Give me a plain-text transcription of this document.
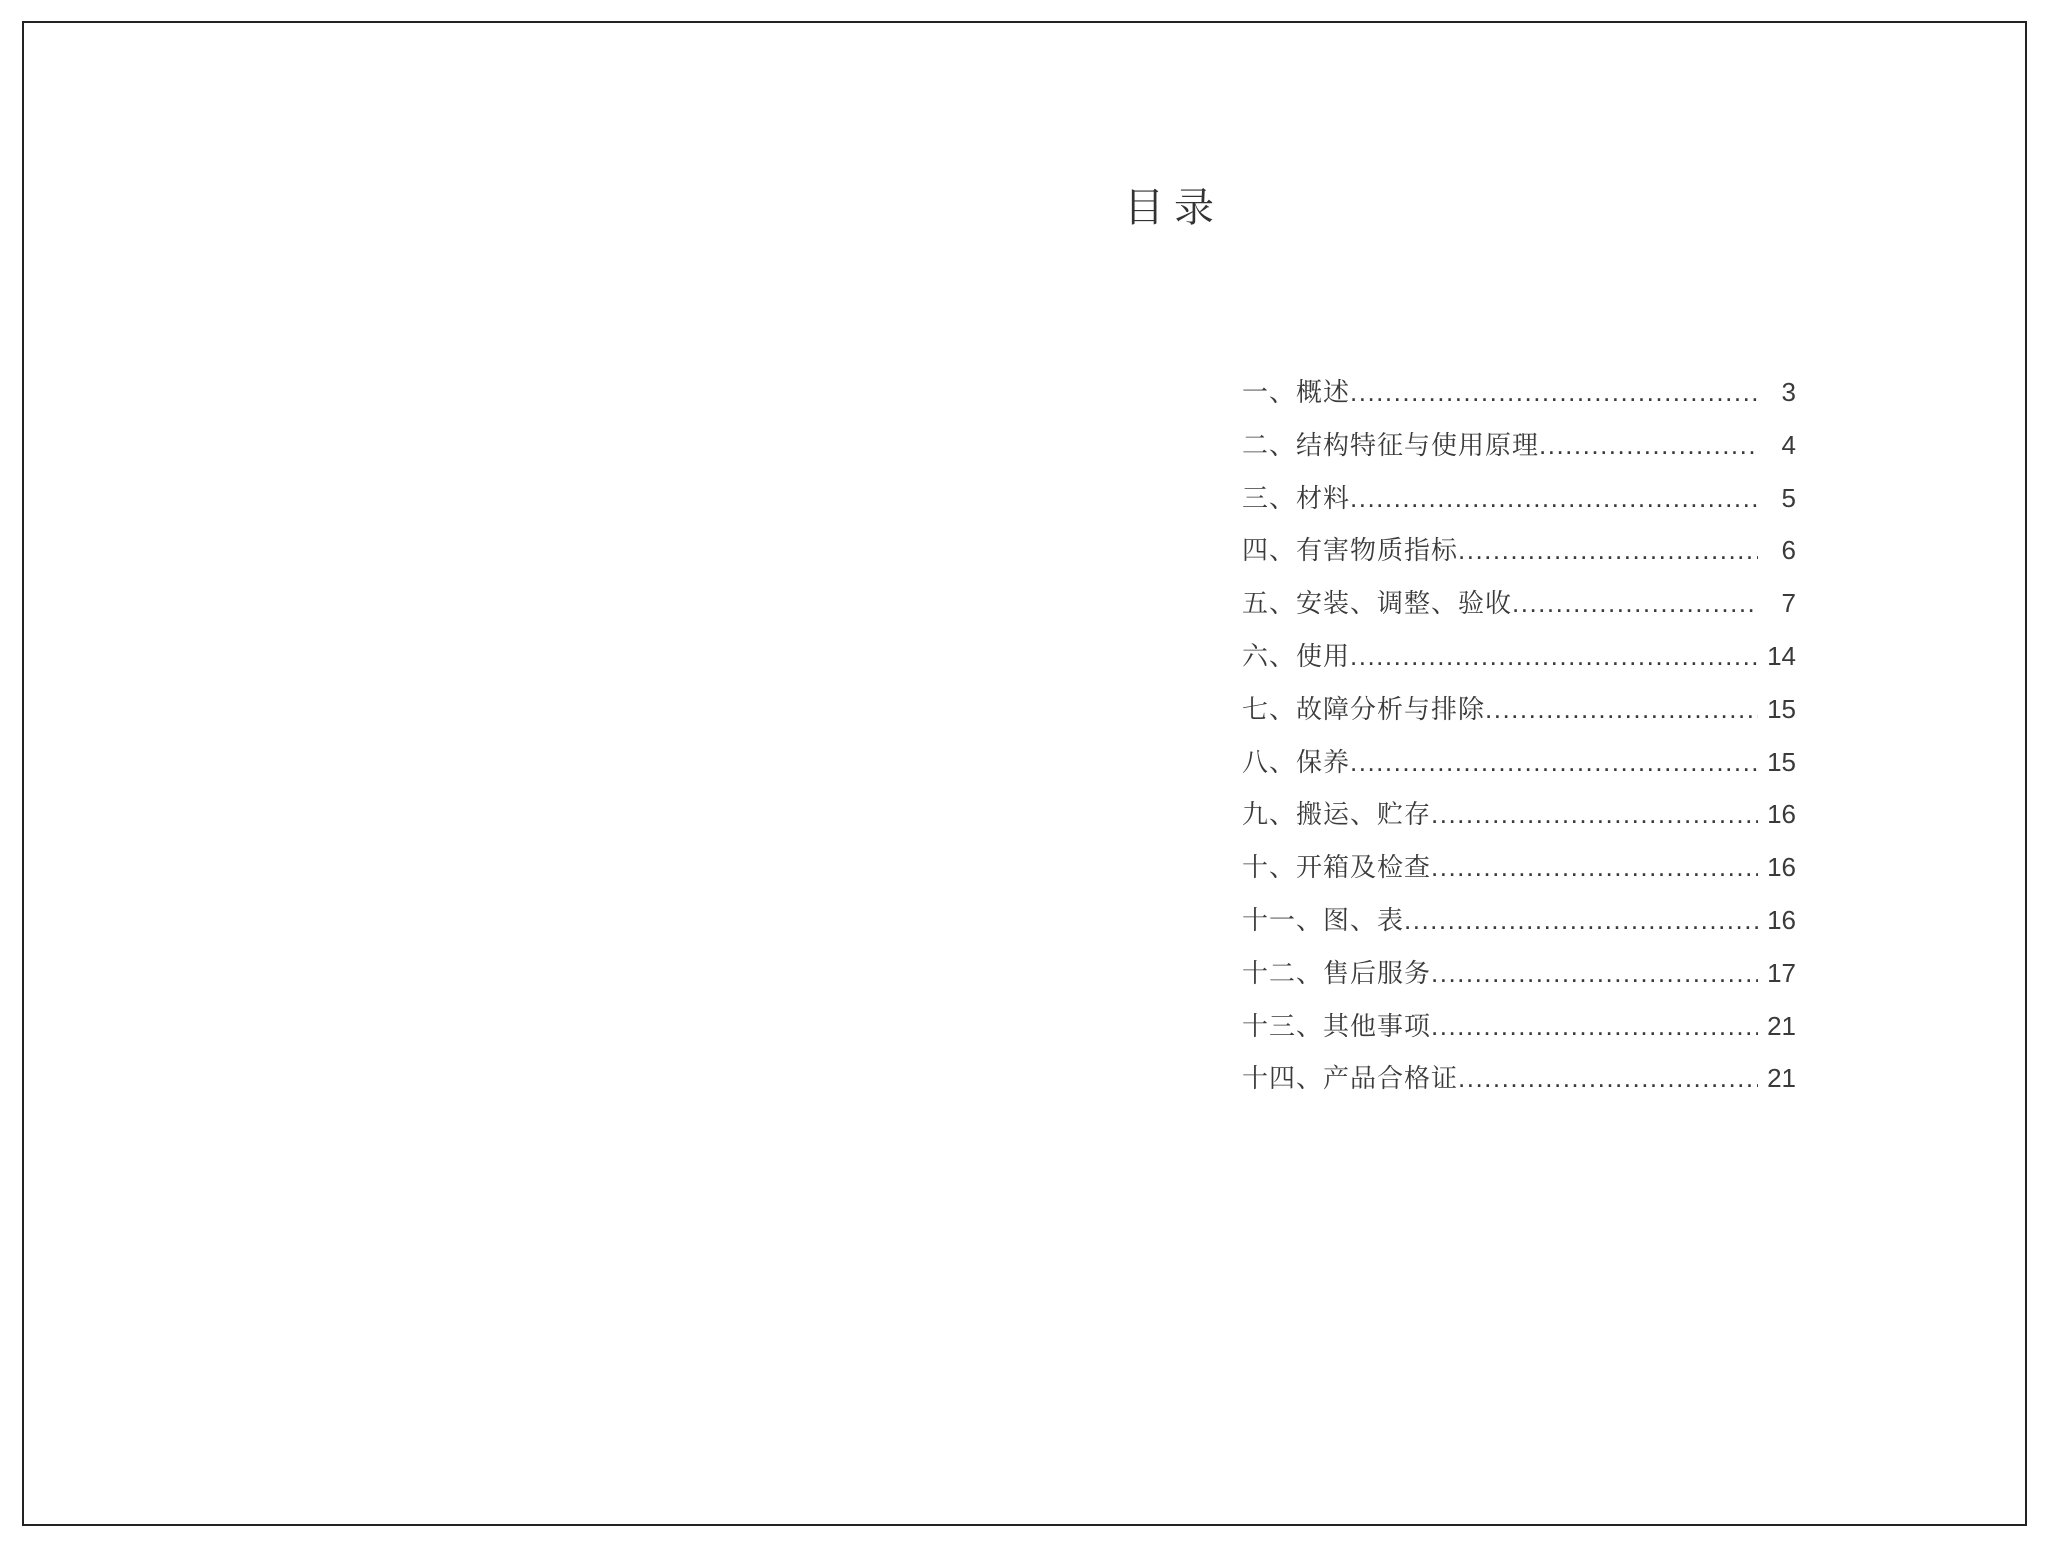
目录
一、概述 .....	3
二、结构特征与使用原理 .....	4
三、材料 .....	5
四、有害物质指标 .....	6
五、安装、调整、验收 .....	7
六、使用 .....	14
七、故障分析与排除 .....	15
八、保养 .....	15
九、搬运、贮存 .....	16
十、开箱及检查 .....	16
十一、图、表 .....	16
十二、售后服务 .....	17
十三、其他事项 .....	21
十四、产品合格证 .....	21
